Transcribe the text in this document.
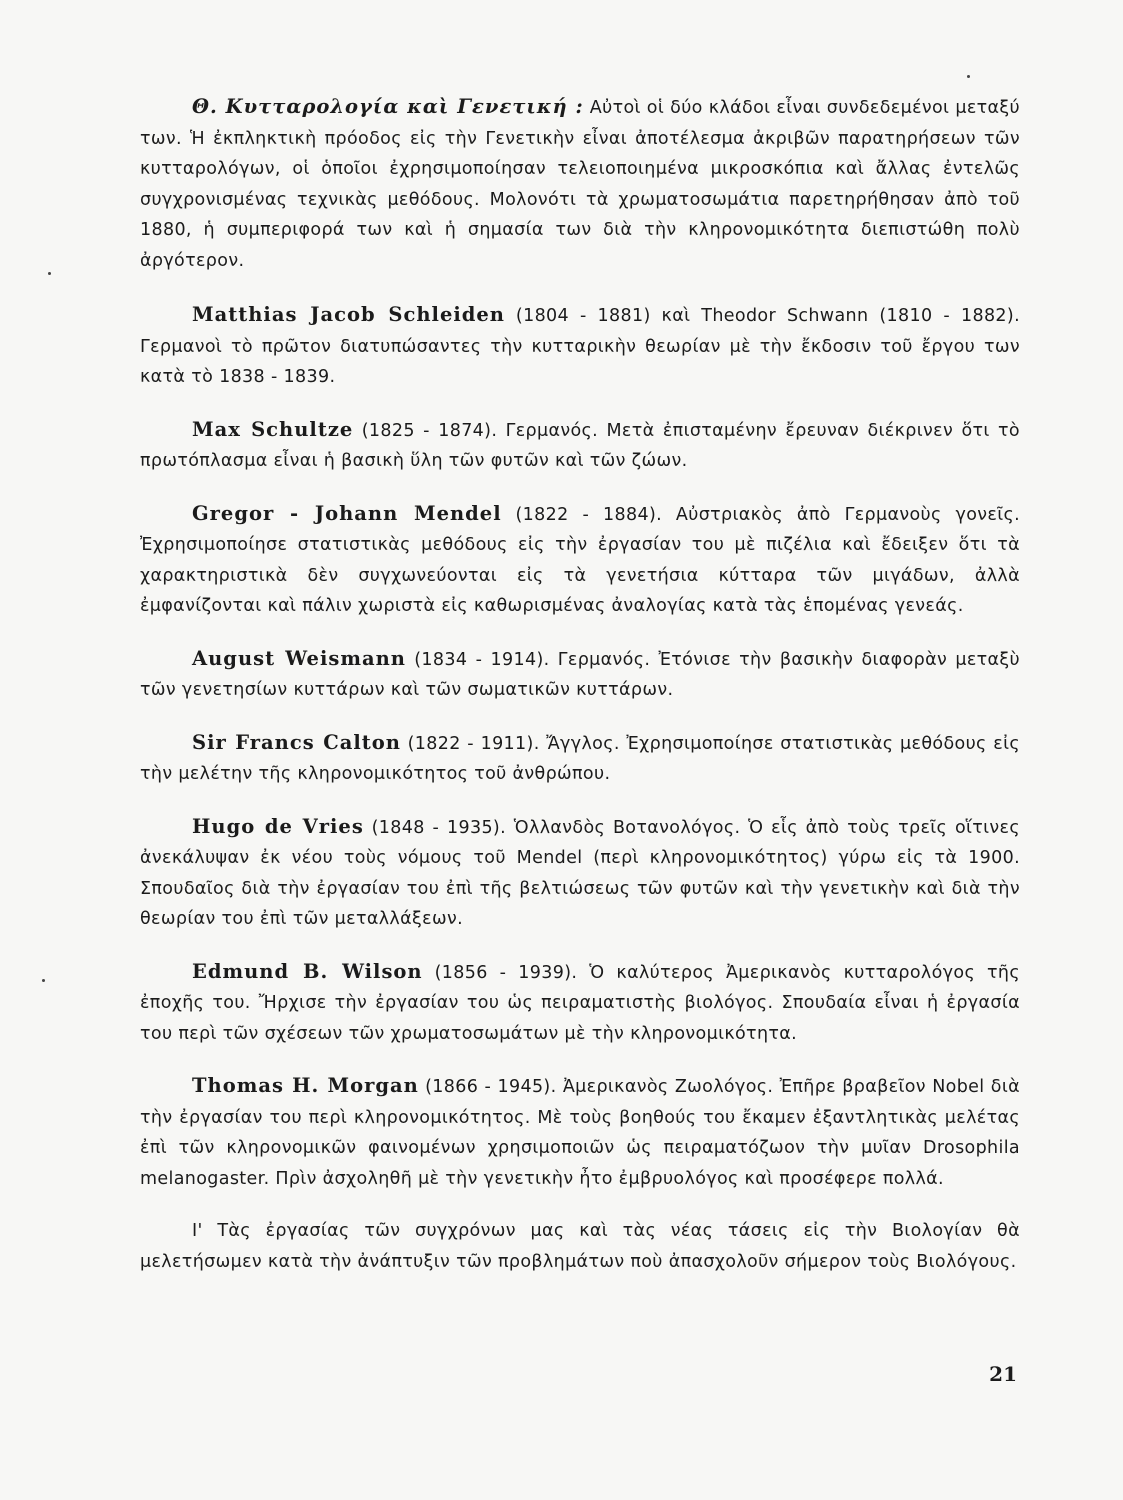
Θ. Κυτταρολογία καὶ Γενετική : Αὐτοὶ οἱ δύο κλάδοι εἶναι συνδεδεμένοι μεταξύ των. Ἡ ἐκπληκτικὴ πρόοδος εἰς τὴν Γενετικὴν εἶναι ἀποτέλεσμα ἀκριβῶν παρατηρήσεων τῶν κυτταρολόγων, οἱ ὁποῖοι ἐχρησιμοποίησαν τελειοποιημένα μικροσκόπια καὶ ἄλλας ἐντελῶς συγχρονισμένας τεχνικὰς μεθόδους. Μολονότι τὰ χρωματοσωμάτια παρετηρήθησαν ἀπὸ τοῦ 1880, ἡ συμπεριφορά των καὶ ἡ σημασία των διὰ τὴν κληρονομικότητα διεπιστώθη πολὺ ἀργότερον.

Matthias Jacob Schleiden (1804 - 1881) καὶ Theodor Schwann (1810 - 1882). Γερμανοὶ τὸ πρῶτον διατυπώσαντες τὴν κυτταρικὴν θεωρίαν μὲ τὴν ἔκδοσιν τοῦ ἔργου των κατὰ τὸ 1838 - 1839.

Max Schultze (1825 - 1874). Γερμανός. Μετὰ ἐπισταμένην ἔρευναν διέκρινεν ὅτι τὸ πρωτόπλασμα εἶναι ἡ βασικὴ ὕλη τῶν φυτῶν καὶ τῶν ζώων.

Gregor - Johann Mendel (1822 - 1884). Αὐστριακὸς ἀπὸ Γερμανοὺς γονεῖς. Ἐχρησιμοποίησε στατιστικὰς μεθόδους εἰς τὴν ἐργασίαν του μὲ πιζέλια καὶ ἔδειξεν ὅτι τὰ χαρακτηριστικὰ δὲν συγχωνεύονται εἰς τὰ γενετήσια κύτταρα τῶν μιγάδων, ἀλλὰ ἐμφανίζονται καὶ πάλιν χωριστὰ εἰς καθωρισμένας ἀναλογίας κατὰ τὰς ἑπομένας γενεάς.

August Weismann (1834 - 1914). Γερμανός. Ἐτόνισε τὴν βασικὴν διαφορὰν μεταξὺ τῶν γενετησίων κυττάρων καὶ τῶν σωματικῶν κυττάρων.

Sir Francs Calton (1822 - 1911). Ἄγγλος. Ἐχρησιμοποίησε στατιστικὰς μεθόδους εἰς τὴν μελέτην τῆς κληρονομικότητος τοῦ ἀνθρώπου.

Hugo de Vries (1848 - 1935). Ὁλλανδὸς Βοτανολόγος. Ὁ εἷς ἀπὸ τοὺς τρεῖς οἵτινες ἀνεκάλυψαν ἐκ νέου τοὺς νόμους τοῦ Mendel (περὶ κληρονομικότητος) γύρω εἰς τὰ 1900. Σπουδαῖος διὰ τὴν ἐργασίαν του ἐπὶ τῆς βελτιώσεως τῶν φυτῶν καὶ τὴν γενετικὴν καὶ διὰ τὴν θεωρίαν του ἐπὶ τῶν μεταλλάξεων.

Edmund B. Wilson (1856 - 1939). Ὁ καλύτερος Ἀμερικανὸς κυτταρολόγος τῆς ἐποχῆς του. Ἤρχισε τὴν ἐργασίαν του ὡς πειραματιστὴς βιολόγος. Σπουδαία εἶναι ἡ ἐργασία του περὶ τῶν σχέσεων τῶν χρωματοσωμάτων μὲ τὴν κληρονομικότητα.

Thomas H. Morgan (1866 - 1945). Ἀμερικανὸς Ζωολόγος. Ἐπῆρε βραβεῖον Nobel διὰ τὴν ἐργασίαν του περὶ κληρονομικότητος. Μὲ τοὺς βοηθούς του ἔκαμεν ἐξαντλητικὰς μελέτας ἐπὶ τῶν κληρονομικῶν φαινομένων χρησιμοποιῶν ὡς πειραματόζωον τὴν μυῖαν Drosophila melanogaster. Πρὶν ἀσχοληθῆ μὲ τὴν γενετικὴν ἦτο ἐμβρυολόγος καὶ προσέφερε πολλά.

Ι' Τὰς ἐργασίας τῶν συγχρόνων μας καὶ τὰς νέας τάσεις εἰς τὴν Βιολογίαν θὰ μελετήσωμεν κατὰ τὴν ἀνάπτυξιν τῶν προβλημάτων ποὺ ἀπασχολοῦν σήμερον τοὺς Βιολόγους.

21
